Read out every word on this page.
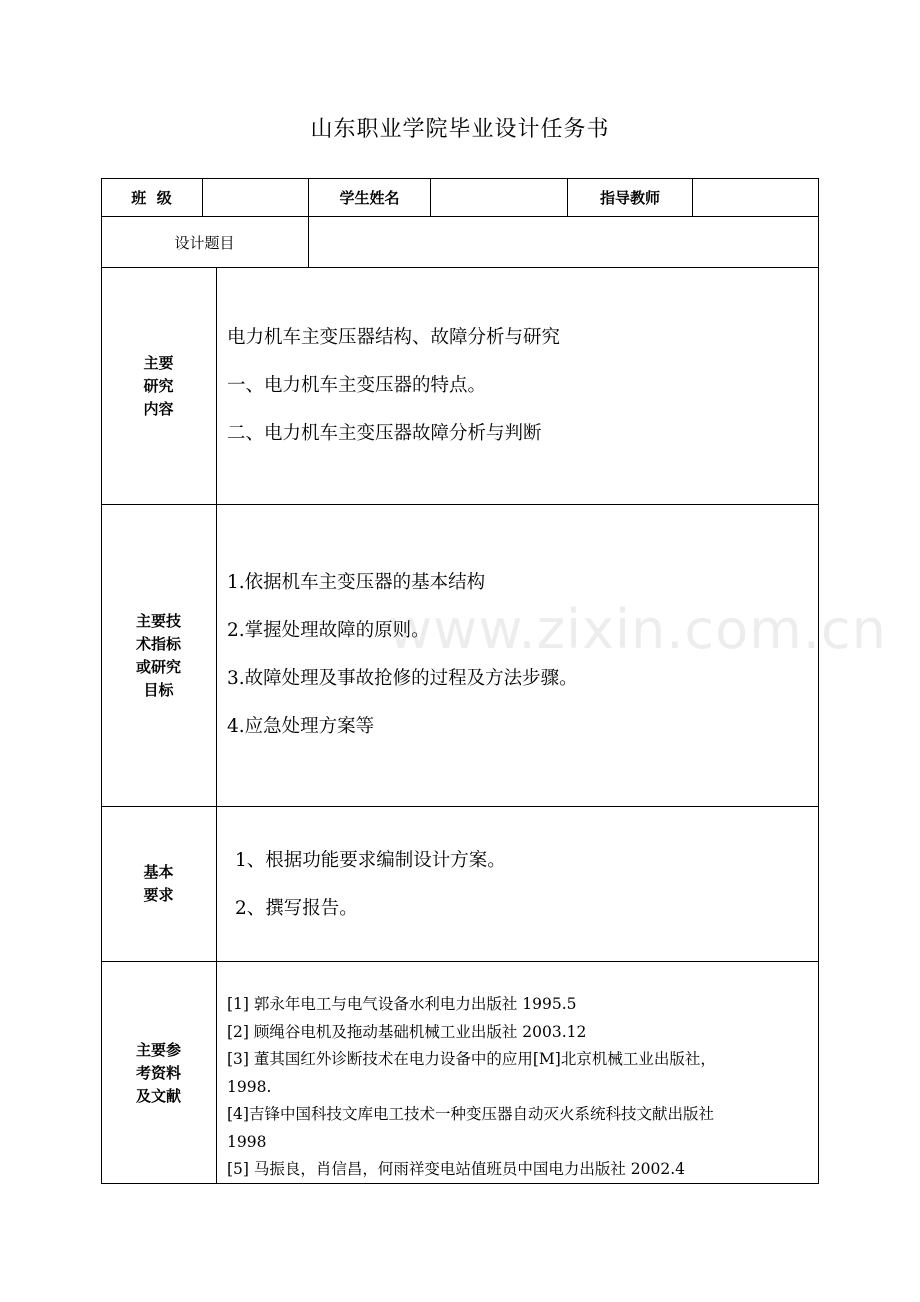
山东职业学院毕业设计任务书
www.zixin.com.cn
班  级	学生姓名	指导教师
设计题目
主要
研究
内容
电力机车主变压器结构、故障分析与研究
一、电力机车主变压器的特点。
二、电力机车主变压器故障分析与判断
主要技
术指标
或研究
目标
1.依据机车主变压器的基本结构
2.掌握处理故障的原则。
3.故障处理及事故抢修的过程及方法步骤。
4.应急处理方案等
基本
要求
1、根据功能要求编制设计方案。
2、撰写报告。
主要参
考资料
及文献
[1] 郭永年电工与电气设备水利电力出版社 1995.5
[2] 顾绳谷电机及拖动基础机械工业出版社 2003.12
[3] 董其国红外诊断技术在电力设备中的应用[M]北京机械工业出版社，
1998.
[4]吉锋中国科技文库电工技术一种变压器自动灭火系统科技文献出版社
1998
[5] 马振良，肖信昌，何雨祥变电站值班员中国电力出版社 2002.4
